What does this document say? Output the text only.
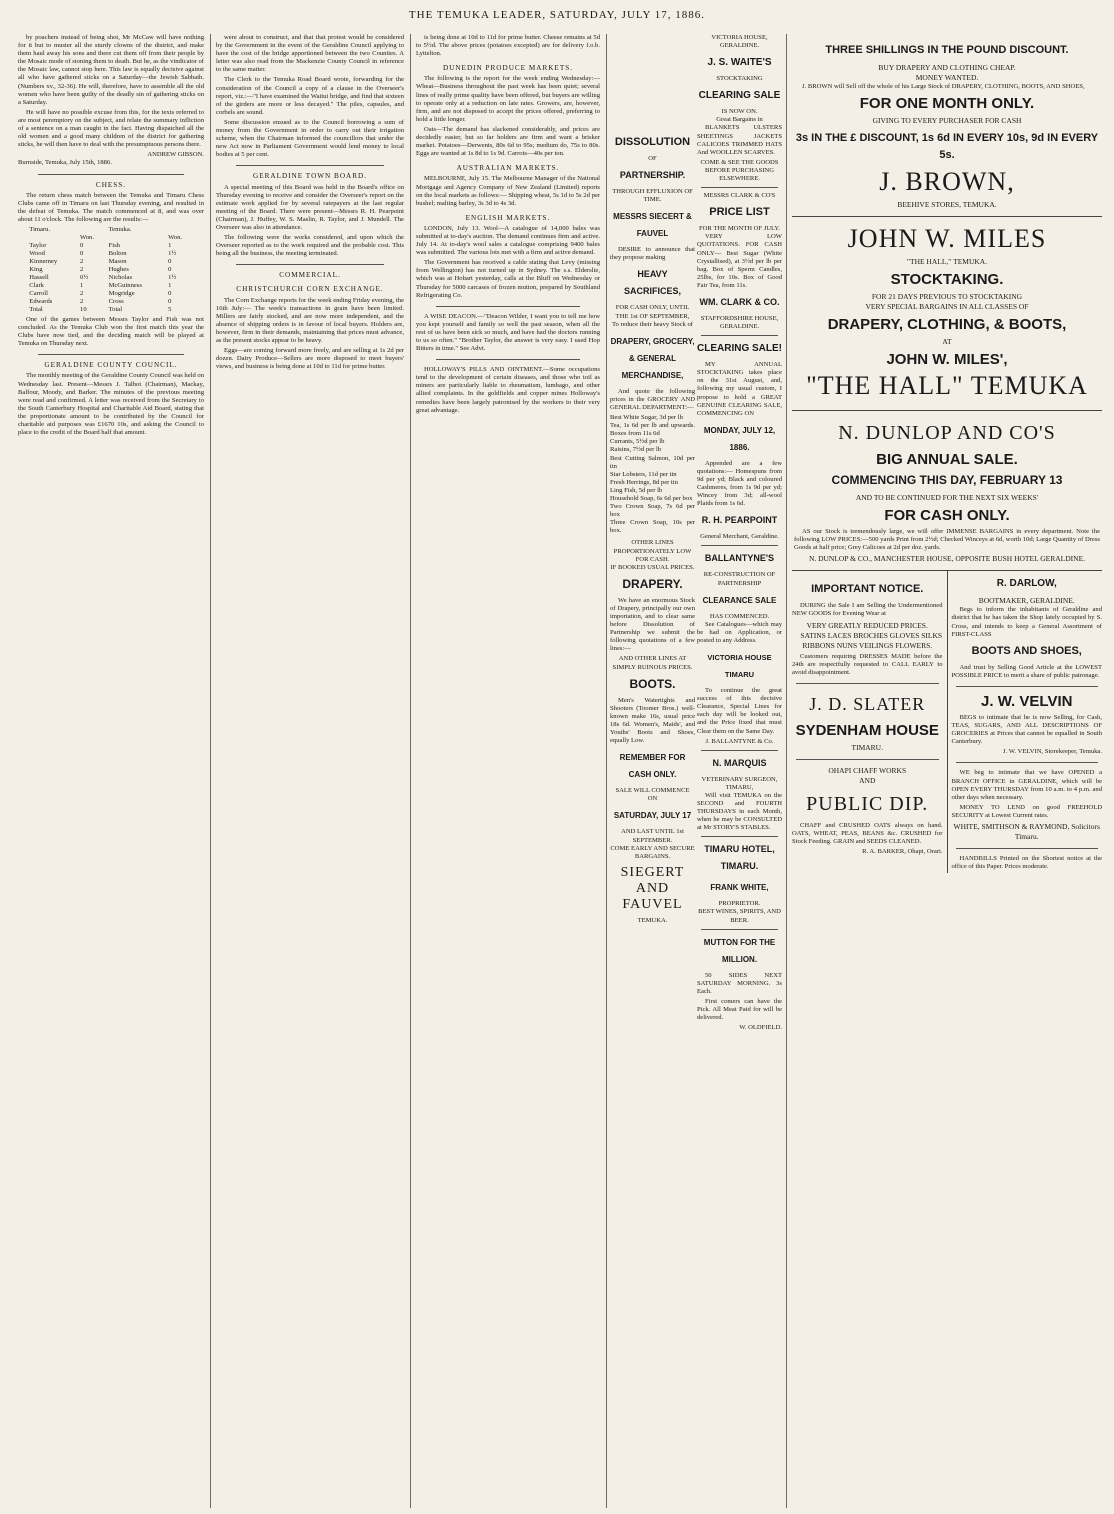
THE TEMUKA LEADER, SATURDAY, JULY 17, 1886.

by poachers instead of being shot, Mr McCaw will have nothing for it but to muster all the sturdy clowns of the district, and make them haul away his sons and there cut them off from their people by the Mosaic mode of stoning them to death. But he, as the vindicator of the Mosaic law, cannot stop here. This law is equally decisive against all who have gathered sticks on a Saturday—the Jewish Sabbath. (Numbers xv., 32-36). He will, therefore, have to assemble all the old women who have been guilty of the deadly sin of gathering sticks on a Saturday.

He will have no possible excuse from this, for the texts referred to are most peremptory on the subject, and relate the summary infliction of a sentence on a man caught in the fact. Having dispatched all the old women and a good many children of the district for gathering sticks, he will then have to deal with the presumptuous persons there.

ANDREW GIBSON.
Burnside, Temuka, July 15th, 1886.
CHESS.

The return chess match between the Temuka and Timaru Chess Clubs came off in Timaru on last Thursday evening, and resulted in the defeat of Temuka. The match commenced at 8, and was over about 11 o'clock. The following are the results:—

Timaru.		Temuka.	
	Won.		Won.
Taylor	0	Fish	1
Wood	0	Bolton	1½
Kinnerney	2	Mason	0
King	2	Hughes	0
Hassell	0½	Nicholas	1½
Clark	1	McGuinness	1
Carroll	2	Mogridge	0
Edwards	2	Cross	0
Total	10	Total	5

One of the games between Messrs Taylor and Fish was not concluded. As the Temuka Club won the first match this year the Clubs have now tied, and the deciding match will be played at Temuka on Thursday next.

GERALDINE COUNTY COUNCIL.

The monthly meeting of the Geraldine County Council was held on Wednesday last. Present—Messrs J. Talbot (Chairman), Mackay, Balfour, Moody, and Barker. The minutes of the previous meeting were read and confirmed. A letter was received from the Secretary to the South Canterbury Hospital and Charitable Aid Board, stating that the proportionate amount to be contributed by the Council for charitable aid purposes was £1670 10s, and asking the Council to place to the credit of the Board half that amount.

were about to construct, and that that protest would be considered by the Government in the event of the Geraldine Council applying to have the cost of the bridge apportioned between the two Counties. A letter was also read from the Mackenzie County Council in reference to the same matter.

The Clerk to the Temuka Road Board wrote, forwarding for the consideration of the Council a copy of a clause in the Overseer's report, viz.:—"I have examined the Waitui bridge, and find that sixteen of the girders are more or less decayed." The piles, capsules, and corbels are sound.

Some discussion ensued as to the Council borrowing a sum of money from the Government in order to carry out their irrigation scheme, when the Chairman informed the councillors that under the new Act now in Parliament Government would lend money to local bodies at 5 per cent.

GERALDINE TOWN BOARD.

A special meeting of this Board was held in the Board's office on Thursday evening to receive and consider the Overseer's report on the estimate work applied for by several ratepayers at the last regular meeting of the Board. There were present—Messrs R. H. Pearpoint (Chairman), J. Huffey, W. S. Maslin, R. Taylor, and J. Mundell. The Overseer was also in attendance.

The following were the works considered, and upon which the Overseer reported as to the work required and the probable cost. This being all the business, the meeting terminated.

COMMERCIAL.
CHRISTCHURCH CORN EXCHANGE.

The Corn Exchange reports for the week ending Friday evening, the 16th July:— The week's transactions in grain have been limited. Millers are fairly stocked, and are now more independent, and the absence of shipping orders is in favour of local buyers. Holders are, however, firm in their demands, maintaining that prices must advance, as the present stocks appear to be heavy.

Eggs—are coming forward more freely, and are selling at 1s 2d per dozen. Dairy Produce—Sellers are more disposed to meet buyers' views, and business is being done at 10d to 11d for prime butter.

is being done at 10d to 11d for prime butter. Cheese remains at 5d to 5½d. The above prices (potatoes excepted) are for delivery f.o.b. Lyttelton.

DUNEDIN PRODUCE MARKETS.

The following is the report for the week ending Wednesday:— Wheat—Business throughout the past week has been quiet; several lines of really prime quality have been offered, but buyers are willing to operate only at a reduction on late rates. Growers, are, however, firm, and are not disposed to accept the prices offered, preferring to hold a little longer.

Oats—The demand has slackened considerably, and prices are decidedly easier, but so far holders are firm and want a brisker market. Potatoes—Derwents, 80s 6d to 95s; medium do, 75s to 80s. Eggs are wanted at 1s 8d to 1s 9d. Carrots—40s per ton.

AUSTRALIAN MARKETS.

MELBOURNE, July 15. The Melbourne Manager of the National Mortgage and Agency Company of New Zealand (Limited) reports on the local markets as follows:— Shipping wheat, 5s 1d to 5s 2d per bushel; malting barley, 3s 3d to 4s 3d.

ENGLISH MARKETS.

LONDON, July 13. Wool—A catalogue of 14,000 bales was submitted at to-day's auction. The demand continues firm and active. July 14. At to-day's wool sales a catalogue comprising 9400 bales was submitted. The various lots met with a firm and active demand.

The Government has received a cable stating that Levy (missing from Wellington) has not turned up in Sydney. The s.s. Elderslie, which was at Hobart yesterday, calls at the Bluff on Wednesday or Thursday for 5000 carcases of frozen mutton, prepared by Southland Refrigerating Co.

A WISE DEACON.—"Deacon Wilder, I want you to tell me how you kept yourself and family so well the past season, when all the rest of us have been sick so much, and have had the doctors running to us so often." "Brother Taylor, the answer is very easy. I used Hop Bitters in time." See Advt.

HOLLOWAY'S PILLS AND OINTMENT.—Some occupations tend to the development of certain diseases, and those who toil as miners are particularly liable to rheumatism, lumbago, and other allied complaints. In the goldfields and copper mines Holloway's remedies have been largely patronised by the workers to their very great advantage.

DISSOLUTION
OF
PARTNERSHIP.
THROUGH EFFLUXION OF TIME.
MESSRS SIECERT & FAUVEL

DESIRE to announce that they propose making

HEAVY SACRIFICES,
FOR CASH ONLY, UNTIL THE 1st OF SEPTEMBER,
To reduce their heavy Stock of
DRAPERY, GROCERY, & GENERAL MERCHANDISE,

And quote the following prices in the GROCERY AND GENERAL DEPARTMENT:—

Best White Sugar, 3d per lb
Tea, 1s 6d per lb and upwards. Boxes from 11s 6d
Currants, 5½d per lb
Raisins, 7½d per lb
Best Cutting Salmon, 10d per tin
Star Lobsters, 11d per tin
Fresh Herrings, 8d per tin
Ling Fish, 5d per lb
Household Soap, 6s 6d per box
Two Crown Soap, 7s 6d per box
Three Crown Soap, 10s per box.
OTHER LINES PROPORTIONATELY LOW FOR CASH.
IF BOOKED USUAL PRICES.
DRAPERY.

We have an enormous Stock of Drapery, principally our own importation, and to clear same before Dissolution of Partnership we submit the following quotations of a few lines:—

AND OTHER LINES AT SIMPLY RUINOUS PRICES.
BOOTS.

Men's Watertights and Shooters (Toomer Bros.) well-known make 16s, usual price 18s 6d. Women's, Maids', and Youths' Boots and Shoes, equally Low.

REMEMBER FOR CASH ONLY.
SALE WILL COMMENCE ON
SATURDAY, JULY 17
AND LAST UNTIL 1st SEPTEMBER.
COME EARLY AND SECURE BARGAINS.
SIEGERT AND FAUVEL
TEMUKA.
VICTORIA HOUSE, GERALDINE.
J. S. WAITE'S
STOCKTAKING
CLEARING SALE
IS NOW ON.
Great Bargains in

BLANKETS ULSTERS SHEETINGS JACKETS CALICOES TRIMMED HATS And WOOLLEN SCARVES.

COME & SEE THE GOODS BEFORE PURCHASING ELSEWHERE.
MESSRS CLARK & CO'S
PRICE LIST
FOR THE MONTH OF JULY.

VERY LOW QUOTATIONS. FOR CASH ONLY— Best Sugar (White Crystallised), at 3½d per lb per bag. Box of Sperm Candles, 25lbs, for 10s. Box of Good Fair Tea, from 11s.

WM. CLARK & CO.
STAFFORDSHIRE HOUSE, GERALDINE.
CLEARING SALE!

MY ANNUAL STOCKTAKING takes place on the 31st August, and, following my usual custom, I propose to hold a GREAT GENUINE CLEARING SALE, COMMENCING ON

MONDAY, JULY 12, 1886.

Appended are a few quotations:— Homespuns from 9d per yd; Black and coloured Cashmeres, from 1s 9d per yd; Wincey from 3d; all-wool Plaids from 1s 6d.

R. H. PEARPOINT
General Merchant, Geraldine.
BALLANTYNE'S
RE-CONSTRUCTION OF PARTNERSHIP
CLEARANCE SALE
HAS COMMENCED.

See Catalogues—which may be had on Application, or posted to any Address.

VICTORIA HOUSE TIMARU

To continue the great success of this decisive Clearance, Special Lines for each day will be looked out, and the Price fixed that must Clear them on the Same Day.

J. BALLANTYNE & Co.
N. MARQUIS
VETERINARY SURGEON, TIMARU,

Will visit TEMUKA on the SECOND and FOURTH THURSDAYS in each Month, when he may be CONSULTED at Mr STORY'S STABLES.

TIMARU HOTEL, TIMARU.
FRANK WHITE,
PROPRIETOR.
BEST WINES, SPIRITS, AND BEER.
MUTTON FOR THE MILLION.

50 SIDES NEXT SATURDAY MORNING. 3s Each.

First comers can have the Pick. All Meat Paid for will be delivered.

W. OLDFIELD.
THREE SHILLINGS IN THE POUND DISCOUNT.
BUY DRAPERY AND CLOTHING CHEAP.
MONEY WANTED.

J. BROWN will Sell off the whole of his Large Stock of DRAPERY, CLOTHING, BOOTS, AND SHOES,

FOR ONE MONTH ONLY.
GIVING TO EVERY PURCHASER FOR CASH
3s IN THE £ DISCOUNT, 1s 6d IN EVERY 10s, 9d IN EVERY 5s.
J. BROWN,
BEEHIVE STORES, TEMUKA.
JOHN W. MILES
"THE HALL," TEMUKA.
STOCKTAKING.
FOR 21 DAYS PREVIOUS TO STOCKTAKING
VERY SPECIAL BARGAINS IN ALL CLASSES OF
DRAPERY, CLOTHING, & BOOTS,
AT
JOHN W. MILES',
"THE HALL" TEMUKA
N. DUNLOP AND CO'S
BIG ANNUAL SALE.
COMMENCING THIS DAY, FEBRUARY 13
AND TO BE CONTINUED FOR THE NEXT SIX WEEKS'
FOR CASH ONLY.

AS our Stock is tremendously large, we will offer IMMENSE BARGAINS in every department. Note the following LOW PRICES:—500 yards Print from 2½d; Checked Winceys at 6d, worth 10d; Large Quantity of Dress Goods at half price; Grey Calicoes at 2d per doz. yards.

N. DUNLOP & CO., MANCHESTER HOUSE, OPPOSITE BUSH HOTEL GERALDINE.
IMPORTANT NOTICE.

DURING the Sale I am Selling the Undermentioned NEW GOODS for Evening Wear at

VERY GREATLY REDUCED PRICES.

SATINS LACES BROCHES GLOVES SILKS RIBBONS NUNS VEILINGS FLOWERS.

Customers requiring DRESSES MADE before the 24th are respectfully requested to CALL EARLY to avoid disappointment.

J. D. SLATER
SYDENHAM HOUSE
TIMARU.
OHAPI CHAFF WORKS
AND
PUBLIC DIP.

CHAFF and CRUSHED OATS always on hand. OATS, WHEAT, PEAS, BEANS &c. CRUSHED for Stock Feeding. GRAIN and SEEDS CLEANED.

R. A. BARKER, Ohapi, Orari.
R. DARLOW,
BOOTMAKER, GERALDINE.

Begs to inform the inhabitants of Geraldine and district that he has taken the Shop lately occupied by S. Cross, and intends to keep a General Assortment of FIRST-CLASS

BOOTS AND SHOES,

And trust by Selling Good Article at the LOWEST POSSIBLE PRICE to merit a share of public patronage.

J. W. VELVIN

BEGS to intimate that he is now Selling, for Cash, TEAS, SUGARS, AND ALL DESCRIPTIONS OF GROCERIES at Prices that cannot be equalled in South Canterbury.

J. W. VELVIN, Storekeeper, Temuka.

WE beg to intimate that we have OPENED a BRANCH OFFICE in GERALDINE, which will be OPEN EVERY THURSDAY from 10 a.m. to 4 p.m. and other days when necessary.

MONEY TO LEND on good FREEHOLD SECURITY at Lowest Current rates.

WHITE, SMITHSON & RAYMOND, Solicitors Timaru.

HANDBILLS Printed on the Shortest notice at the office of this Paper. Prices moderate.
